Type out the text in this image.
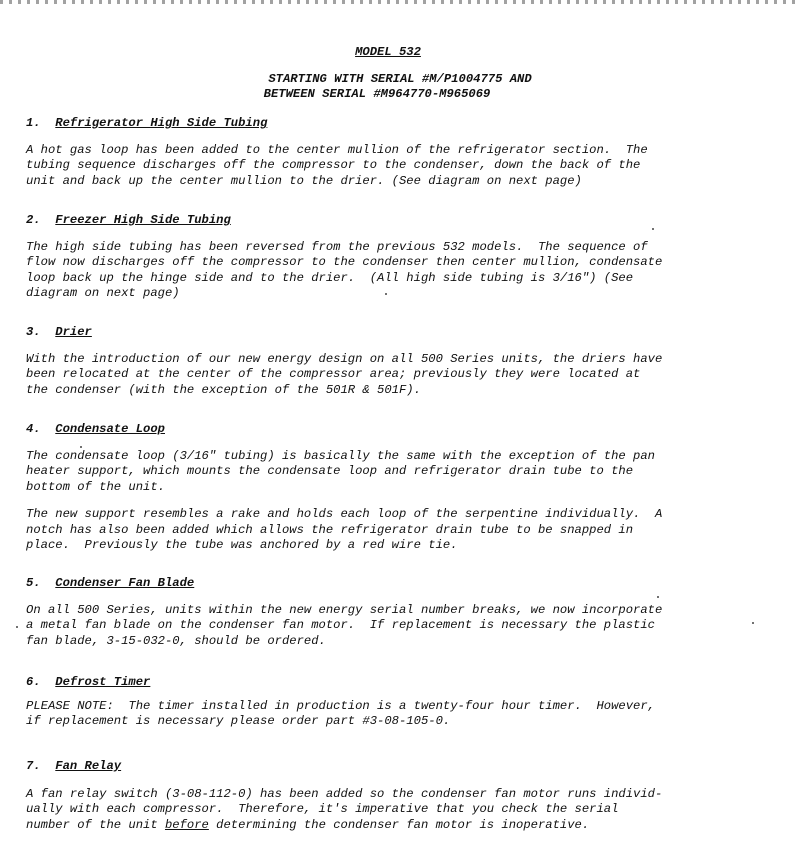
MODEL 532
STARTING WITH SERIAL #M/P1004775 AND
BETWEEN SERIAL #M964770-M965069

1. Refrigerator High Side Tubing

A hot gas loop has been added to the center mullion of the refrigerator section.  The
tubing sequence discharges off the compressor to the condenser, down the back of the
unit and back up the center mullion to the drier. (See diagram on next page)

2. Freezer High Side Tubing

The high side tubing has been reversed from the previous 532 models.  The sequence of
flow now discharges off the compressor to the condenser then center mullion, condensate
loop back up the hinge side and to the drier.  (All high side tubing is 3/16") (See
diagram on next page)

3. Drier

With the introduction of our new energy design on all 500 Series units, the driers have
been relocated at the center of the compressor area; previously they were located at
the condenser (with the exception of the 501R & 501F).

4. Condensate Loop

The condensate loop (3/16" tubing) is basically the same with the exception of the pan
heater support, which mounts the condensate loop and refrigerator drain tube to the
bottom of the unit.

The new support resembles a rake and holds each loop of the serpentine individually.  A
notch has also been added which allows the refrigerator drain tube to be snapped in
place.  Previously the tube was anchored by a red wire tie.

5. Condenser Fan Blade

On all 500 Series, units within the new energy serial number breaks, we now incorporate
a metal fan blade on the condenser fan motor.  If replacement is necessary the plastic
fan blade, 3-15-032-0, should be ordered.

6. Defrost Timer

PLEASE NOTE:  The timer installed in production is a twenty-four hour timer.  However,
if replacement is necessary please order part #3-08-105-0.

7. Fan Relay

A fan relay switch (3-08-112-0) has been added so the condenser fan motor runs individ-
ually with each compressor.  Therefore, it's imperative that you check the serial
number of the unit before determining the condenser fan motor is inoperative.
